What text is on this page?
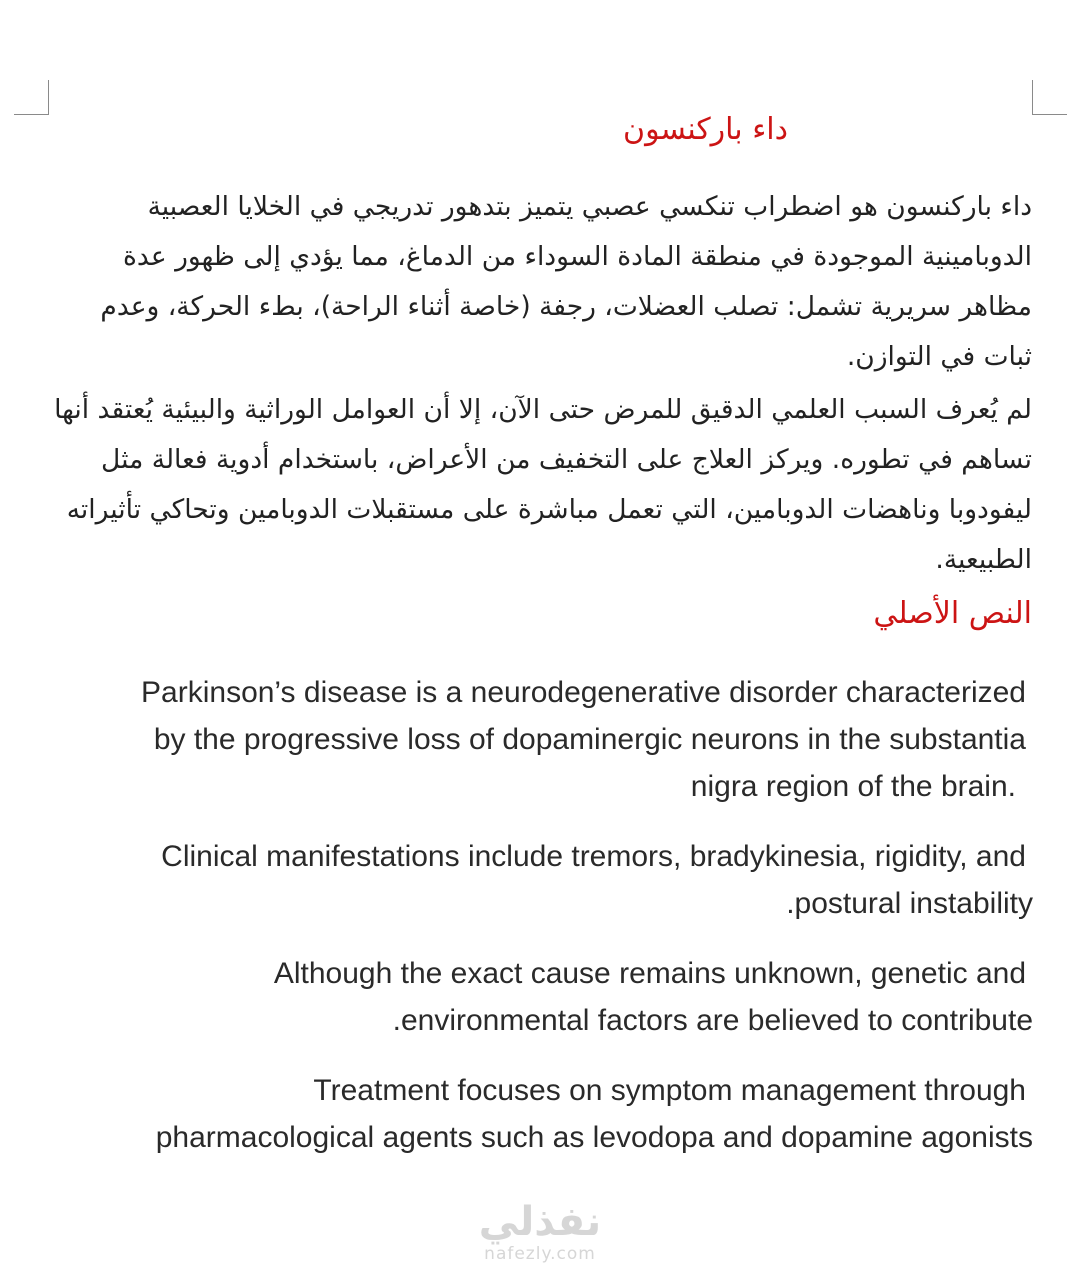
داء باركنسون
داء باركنسون هو اضطراب تنكسي عصبي يتميز بتدهور تدريجي في الخلايا العصبية الدوبامينية الموجودة في منطقة المادة السوداء من الدماغ، مما يؤدي إلى ظهور عدة مظاهر سريرية تشمل: تصلب العضلات، رجفة (خاصة أثناء الراحة)، بطء الحركة، وعدم ثبات في التوازن.
لم يُعرف السبب العلمي الدقيق للمرض حتى الآن، إلا أن العوامل الوراثية والبيئية يُعتقد أنها تساهم في تطوره. ويركز العلاج على التخفيف من الأعراض، باستخدام أدوية فعالة مثل ليفودوبا وناهضات الدوبامين، التي تعمل مباشرة على مستقبلات الدوبامين وتحاكي تأثيراته الطبيعية.
النص الأصلي
Parkinson’s disease is a neurodegenerative disorder characterized
by the progressive loss of dopaminergic neurons in the substantia
nigra region of the brain.
Clinical manifestations include tremors, bradykinesia, rigidity, and
.postural instability
Although the exact cause remains unknown, genetic and
.environmental factors are believed to contribute
Treatment focuses on symptom management through
pharmacological agents such as levodopa and dopamine agonists
نفذلي
nafezly.com
